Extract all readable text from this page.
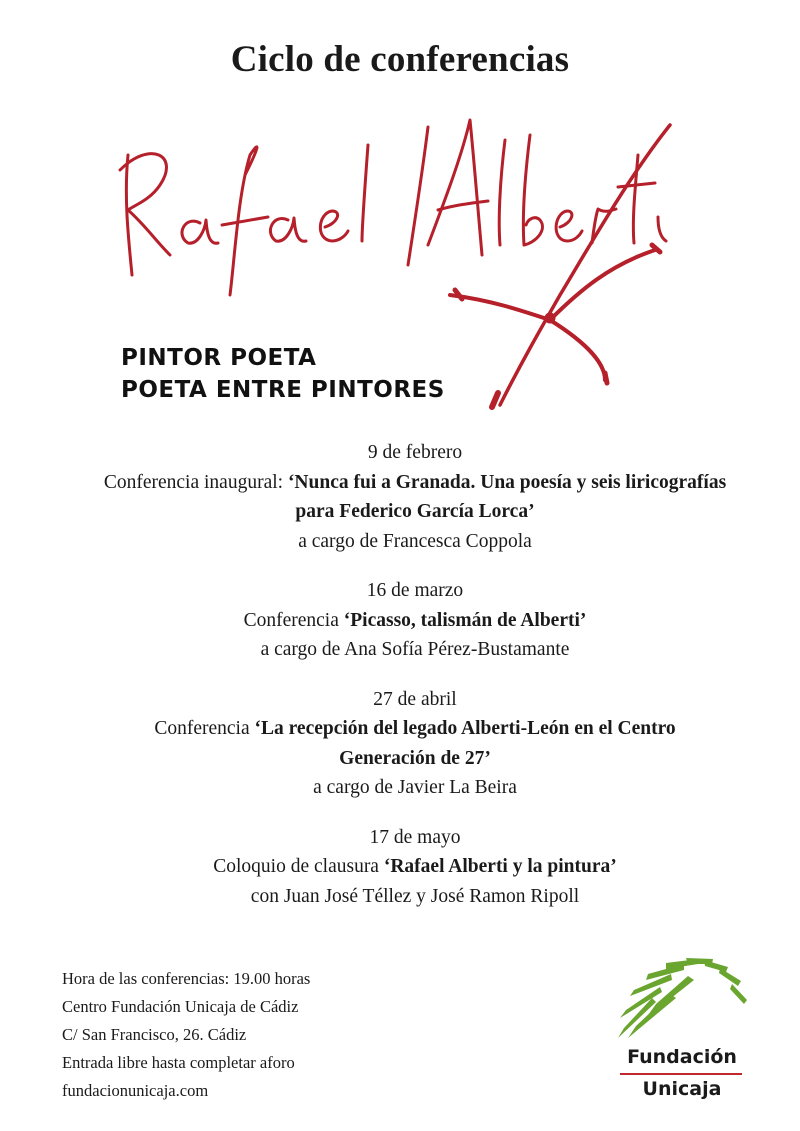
Ciclo de conferencias
PINTOR POETA
POETA ENTRE PINTORES
9 de febrero
Conferencia inaugural: ‘Nunca fui a Granada. Una poesía y seis liricografías para Federico García Lorca’
a cargo de Francesca Coppola
16 de marzo
Conferencia ‘Picasso, talismán de Alberti’
a cargo de Ana Sofía Pérez-Bustamante
27 de abril
Conferencia ‘La recepción del legado Alberti-León en el Centro Generación de 27’
a cargo de Javier La Beira
17 de mayo
Coloquio de clausura ‘Rafael Alberti y la pintura’
con Juan José Téllez y José Ramon Ripoll
Hora de las conferencias: 19.00 horas
Centro Fundación Unicaja de Cádiz
C/ San Francisco, 26. Cádiz
Entrada libre hasta completar aforo
fundacionunicaja.com
Fundación
Unicaja
